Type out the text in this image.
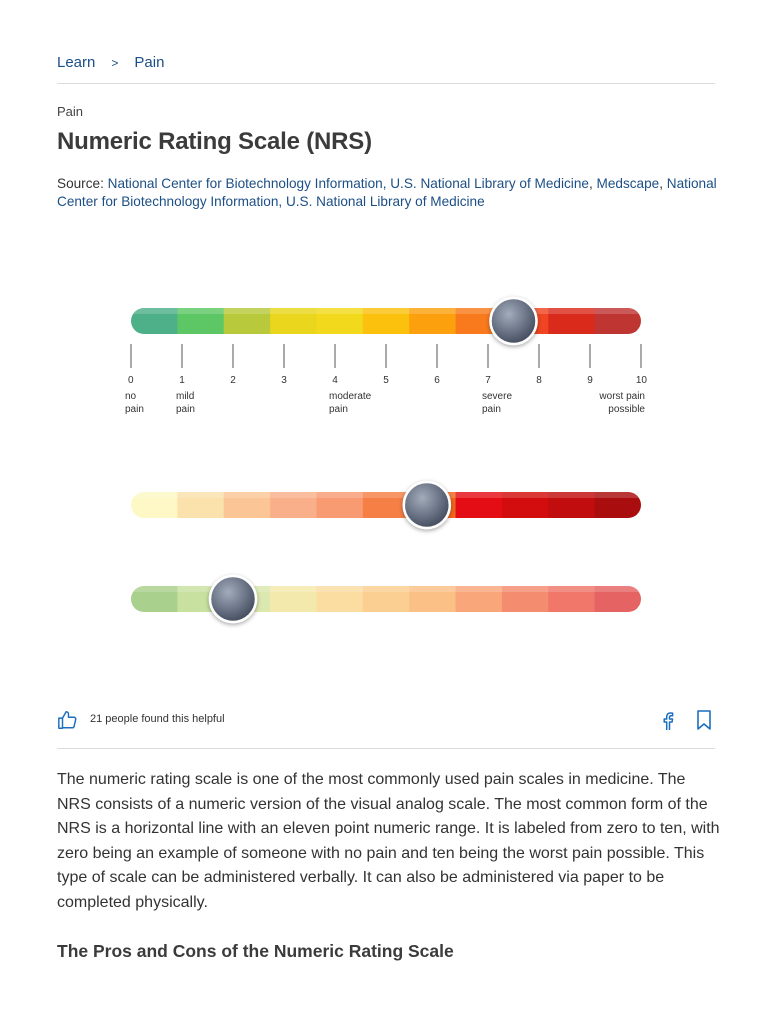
Learn > Pain
Pain
Numeric Rating Scale (NRS)
Source: National Center for Biotechnology Information, U.S. National Library of Medicine, Medscape, National Center for Biotechnology Information, U.S. National Library of Medicine
0	1	2	3	4	5	6	7	8	9	10
no
pain
mild
pain
moderate
pain
severe
pain
worst pain
possible
21 people found this helpful

The numeric rating scale is one of the most commonly used pain scales in medicine. The NRS consists of a numeric version of the visual analog scale. The most common form of the NRS is a horizontal line with an eleven point numeric range. It is labeled from zero to ten, with zero being an example of someone with no pain and ten being the worst pain possible. This type of scale can be administered verbally. It can also be administered via paper to be completed physically.

The Pros and Cons of the Numeric Rating Scale
